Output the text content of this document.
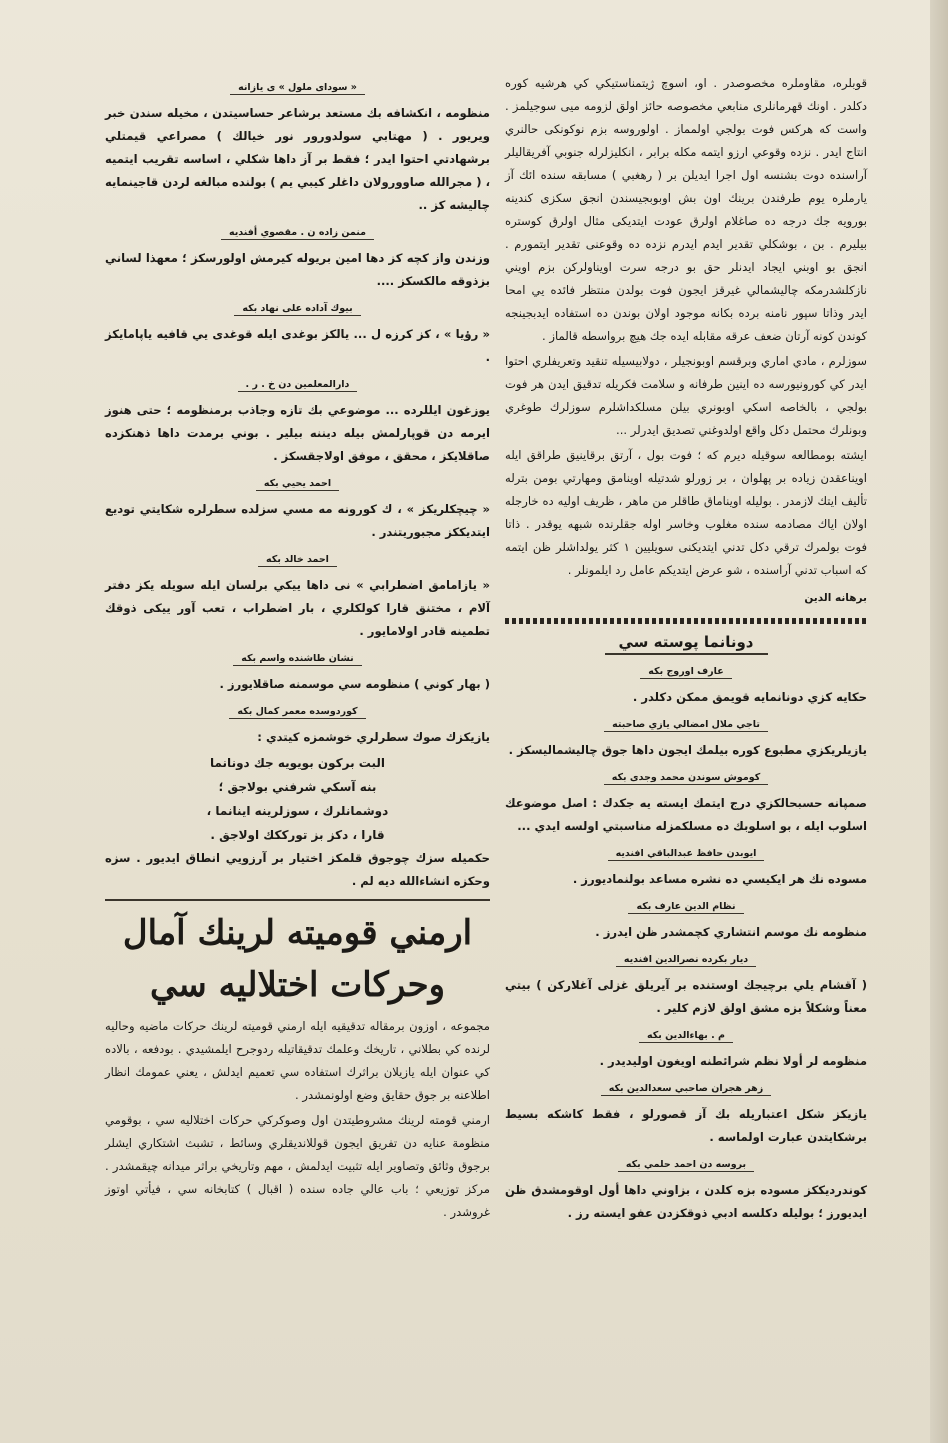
قوبلره، مقاوملره مخصوصدر . او، اسوچ ژيتمناستيكي كي هرشيه كوره دكلدر . اونك قهرمانلرى منابعي مخصوصه حائز اولق لزومه ميى سوجيلمز . واست كه هركس فوت بولجي اولمماز . اولوروسه بزم نوكونكى حالنري انتاج ايدر . نزده وقوعي ارزو ايتمه مكله برابر ، انكليزلرله جنوبي آفريقاليلر آراسنده دوت بشنسه اول اجرا ايديلن بر ( رهغبي ) مسابقه سنده ائك آز يارملره يوم طرفندن برينك اون بش اوبوبجيسندن انجق سكزى كندينه بورويه جك درجه ده صاغلام اولرق عودت ايتديكى مثال اولرق كوستره بيليرم . بن ، بوشكلي تقدير ايدم ايدرم نزده ده وقوعنى تقدير ايتمورم . انجق بو اوبني ايجاد ايدنلر حق بو درجه سرت اويناولركن بزم اويني نازكلشدرمكه چاليشمالي غيرقز ايجون فوت بولدن منتظر فائده يي امحا ايدر وذاتا سپور نامنه برده بكانه موجود اولان بوندن ده استفاده ايدبجينجه كوندن كونه آرتان ضعف عرقه مقابله ايده جك هيچ برواسطه قالماز .

سوزلرم ، مادي اماري وبرقسم اوبونجيلر ، دولابيسيله تنقيد وتعريفلري احتوا ايدر كي كورونيورسه ده اينين طرفانه و سلامت فكريله تدقيق ايدن هر فوت بولجي ، بالخاصه اسكي اوبونري بيلن مسلكداشلرم سوزلرك طوغري وبونلرك محتمل دكل واقع اولدوغني تصديق ايدرلر ...

ايشته بومطالعه سوقيله ديرم كه ؛ فوت بول ، آرتق برقاينيق طراقق ايله اويناعقدن زياده بر پهلوان ، بر زورلو شدتيله اوينامق ومهارتي بومن بترله تأليف ايتك لازمدر . بوليله اويناماق طاقلر من ماهر ، ظريف اوليه ده خارجله اولان اياك مصادمه سنده مغلوب وخاسر اوله جقلرنده شبهه يوقدر . ذاتا فوت بولمرك ترقي دكل تدني ايتديكنى سويليين ١ كثر يولداشلر ظن ايتمه كه اسباب تدني آراسنده ، شو عرض ايتديكم عامل رد ايلمونلر .

برهانه الدين
دونانما پوسته سي
عارف اوروج بكه

حكايه كزي دونانمايه قويمق ممكن دكلدر .

تاجي ملال امضالي يازي صاحبته

يازيلريكزي مطبوع كوره بيلمك ايجون داها جوق چاليشماليسكز .

كوموش سوندن محمد وجدى بكه

صمپانه حسبحالكزي درج ايتمك ايسته يه جكدك : اصل موضوعك اسلوب ايله ، بو اسلوبك ده مسلكمزله مناسبتي اولسه ايدي ...

ايوبدن حافظ عبدالباقي افنديه

مسوده نك هر ايكيسي ده نشره مساعد بولنماديورز .

نظام الدين عارف بكه

منظومه نك موسم انتشاري كچمشدر ظن ايدرز .

ديار بكرده نصرالدين افنديه

( آقشام يلي برچيجك اوستنده بر آيريلق غزلى آغلاركن ) بيتي معناً وشكلاً بزه مشق اولق لازم كلير .

م . بهاءالدين بكه

منظومه لر أولا نظم شرائطنه اويغون اوليديدر .

زهر هجران صاحبي سعدالدين بكه

يازيكز شكل اعتباريله بك آز قصورلو ، فقط كاشكه بسيط برشكايتدن عبارت اولماسه .

بروسه دن احمد حلمي بكه

كوندرديككز مسوده بزه كلدن ، بزاوني داها أول اوقومشدق ظن ايديورز ؛ بوليله دكلسه ادبي ذوقكزدن عفو ايسته رز .

« سوداى ملول » ى يازانه

منظومه ، انكشافه بك مستعد برشاعر حساسيتدن ، مخيله سندن خبر ويريور . ( مهتابي سولدورور نور خيالك ) مصراعي قيمتلي برشهادتي احتوا ايدر ؛ فقط بر آز داها شكلي ، اساسه تقريب ايتميه ، ( مجرالله صاوورولان داغلر كيبي يم ) بولنده مبالغه لردن قاجينمايه چاليشه كز ..

منمن زاده ن . مقصوي أفنديه

وزندن واز كچه كز دها امين بريوله كيرمش اولورسكز ؛ معهذا لساني بزذوقه مالكسكز ....

بيوك آداده على نهاد بكه

« رؤيا » ، كز كرزه ل ... يالكز بوغدى ايله قوغدى يي قافيه ياپامايكز .

دارالمعلمين دن خ . ر .

يوزغون ايللرده ... موضوعي بك تازه وجاذب برمنظومه ؛ حتى هنوز ايرمه دن قوپارلمش بيله ديننه بيلير . بوني برمدت داها ذهنكزده صاقلايكز ، محقق ، موفق اولاجقسكز .

احمد يحيي بكه

« چيچكلريكز » ، ك كورونه مه مسي سزلده سطرلره شكايتي تودیع ایتدیككز مجبوریتندر .

احمد خالد بكه

« يازامامق اضطرابي » نى داها ييكي برلسان ايله سويله يكز دفتر آلام ، مختنق قارا كولكلري ، بار اضطراب ، تعب آور ييكى ذوقك تطمينه قادر اولامايور .

نشان طاشنده واسم بكه

( بهار كوني ) منظومه سي موسمنه صاقلايورز .

كوردوسده معمر كمال بكه

يازيكزك صوك سطرلري خوشمزه كيتدي :

البت بركون بويويه جك دونانما
بنه آسكي شرفني بولاجق ؛
دوشمانلرك ، سوزلرينه اينانما ،
قارا ، دكز بز تورككك اولاجق .

حكميله سزك چوجوق قلمكز اختيار بر آرزويي انطاق ايديور . سزه وحكزه انشاءالله ديه لم .

ارمني قوميته لرينك آمال
وحركات اختلاليه سي

مجموعه ، اوزون برمقاله تدقيقيه ايله ارمني قوميته لرينك حركات ماضيه وحاليه لرنده كي بطلاني ، تاريخك وعلمك تدقيقاتيله ردوجرح ايلمشيدي . بودفعه ، بالاده كي عنوان ايله يازيلان براثرك استفاده سي تعميم ايدلش ، يعني عمومك انظار اطلاعنه بر جوق حقايق وضع اولونمشدر .

ارمني قومته لرينك مشروطيتدن اول وصوكركي حركات اختلاليه سي ، بوقومي منظومة عنايه دن تفريق ايجون قوللانديقلري وسائط ، تشبث اشتكاري ايشلر برجوق وثائق وتصاوير ايله تثبيت ايدلمش ، مهم وتاريخي براثر ميدانه چيقمشدر . مركز توزيعي ؛ باب عالي جاده سنده ( اقبال ) كتابخانه سي ، فيأتي اوتوز غروشدر .
